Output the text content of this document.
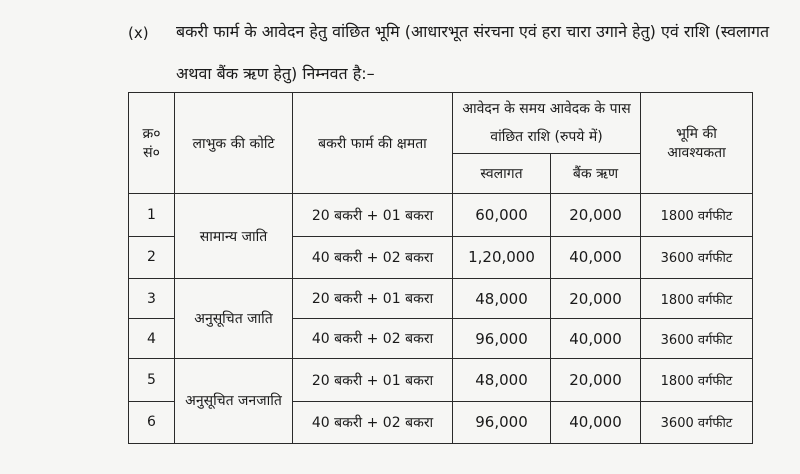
(x) बकरी फार्म के आवेदन हेतु वांछित भूमि (आधारभूत संरचना एवं हरा चारा उगाने हेतु) एवं राशि (स्वलागत
अथवा बैंक ऋण हेतु) निम्नवत है:–
क्र० सं०	लाभुक की कोटि	बकरी फार्म की क्षमता	आवेदन के समय आवेदक के पास वांछित राशि (रुपये में)		भूमि की आवश्यकता
			स्वलागत	बैंक ऋण	
1	सामान्य जाति	20 बकरी + 01 बकरा	60,000	20,000	1800 वर्गफीट
2		40 बकरी + 02 बकरा	1,20,000	40,000	3600 वर्गफीट
3	अनुसूचित जाति	20 बकरी + 01 बकरा	48,000	20,000	1800 वर्गफीट
4		40 बकरी + 02 बकरा	96,000	40,000	3600 वर्गफीट
5	अनुसूचित जनजाति	20 बकरी + 01 बकरा	48,000	20,000	1800 वर्गफीट
6		40 बकरी + 02 बकरा	96,000	40,000	3600 वर्गफीट
